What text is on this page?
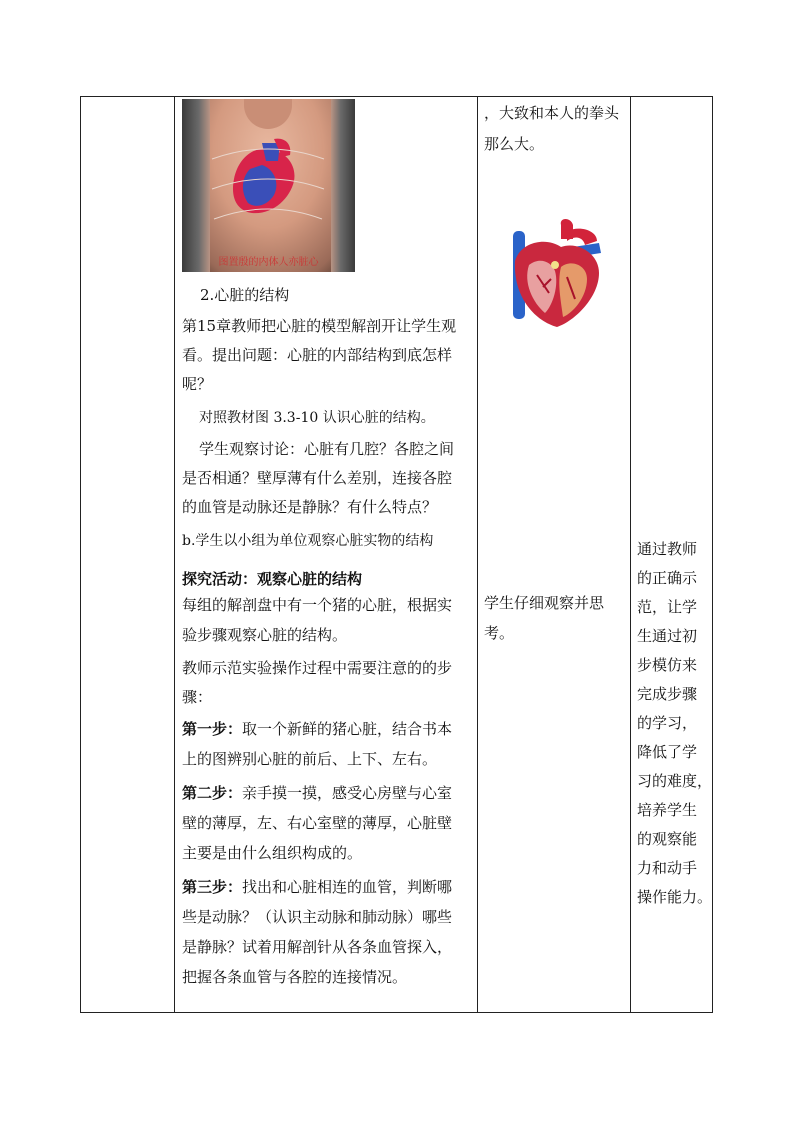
图置殷的内体人亦脏心
2.心脏的结构
第15章教师把心脏的模型解剖开让学生观
看。提出问题：心脏的内部结构到底怎样
呢？
对照教材图 3.3-10 认识心脏的结构。
学生观察讨论：心脏有几腔？各腔之间
是否相通？壁厚薄有什么差别，连接各腔
的血管是动脉还是静脉？有什么特点？
b.学生以小组为单位观察心脏实物的结构
探究活动：观察心脏的结构
每组的解剖盘中有一个猪的心脏，根据实
验步骤观察心脏的结构。
教师示范实验操作过程中需要注意的的步
骤：
第一步：取一个新鲜的猪心脏，结合书本
上的图辨别心脏的前后、上下、左右。
第二步：亲手摸一摸，感受心房壁与心室
壁的薄厚，左、右心室壁的薄厚，心脏壁
主要是由什么组织构成的。
第三步：找出和心脏相连的血管，判断哪
些是动脉？（认识主动脉和肺动脉）哪些
是静脉？试着用解剖针从各条血管探入，
把握各条血管与各腔的连接情况。
，大致和本人的拳头
那么大。
学生仔细观察并思
考。
通过教师
的正确示
范，让学
生通过初
步模仿来
完成步骤
的学习，
降低了学
习的难度，
培养学生
的观察能
力和动手
操作能力。
